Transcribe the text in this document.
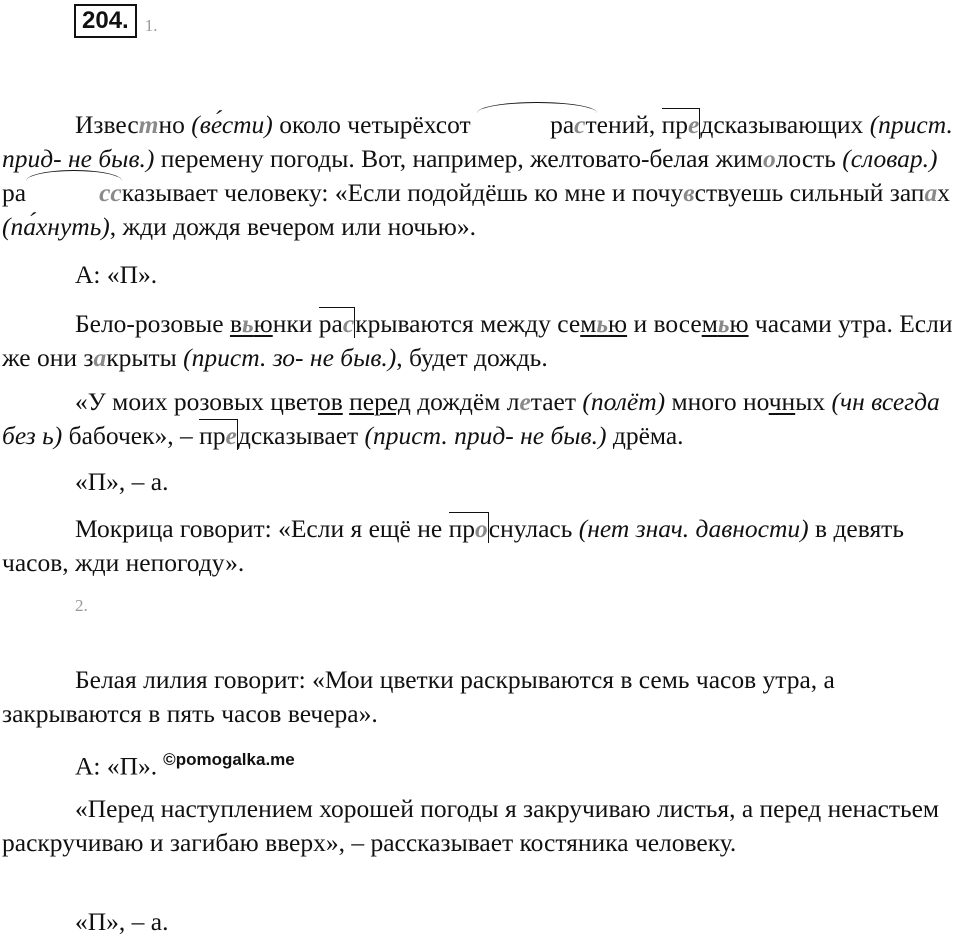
204. 1.

Известно (ве́сти) около четырёхсот	растений, предсказывающих (прист. прид- не быв.) перемену погоды. Вот, например, желтовато-белая жимолость (словар.) ра	ссказывает человеку: «Если подойдёшь ко мне и почувствуешь сильный запах (па́хнуть), жди дождя вечером или ночью».

А: «П».

Бело-розовые вьюнки раскрываются между семью и восемью часами утра. Если же они закрыты (прист. зо- не быв.), будет дождь.

«У моих розовых цветов перед дождём летает (полёт) много ночных (чн всегда без ь) бабочек», – предсказывает (прист. прид- не быв.) дрёма.

«П», – а.

Мокрица говорит: «Если я ещё не проснулась (нет знач. давности) в девять часов, жди непогоду».

2.

Белая лилия говорит: «Мои цветки раскрываются в семь часов утра, а закрываются в пять часов вечера».

А: «П». $^{©pomogalka.me}$

«Перед наступлением хорошей погоды я закручиваю листья, а перед ненастьем раскручиваю и загибаю вверх», – рассказывает костяника человеку.

«П», – а.
